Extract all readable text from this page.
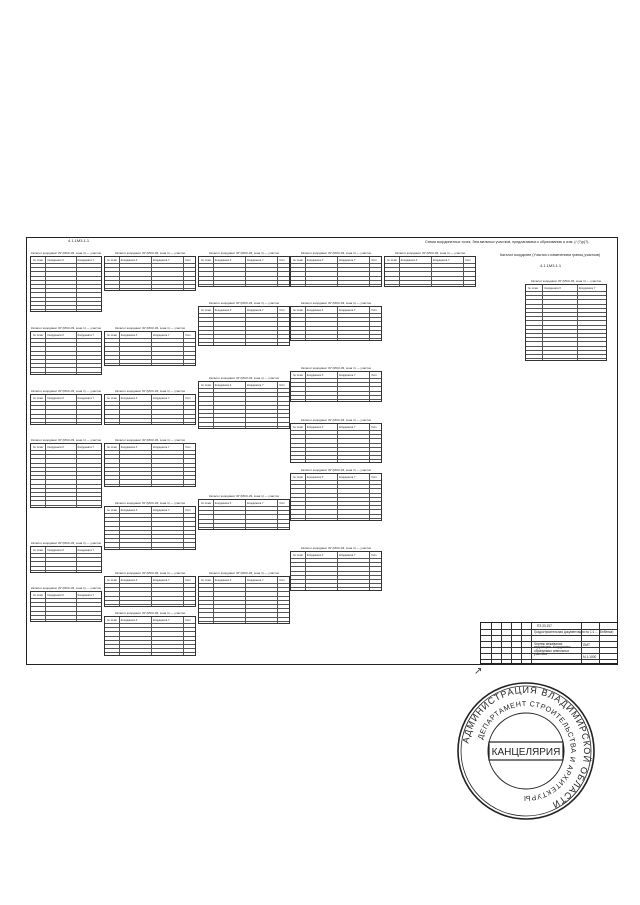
Схема координатных точек. Зем.мельных участков, предлагаемых к образованию и изм. (/ (?)р(?)..
Каталог координат (Участки с изменением границ участков)
4.1.1М3.1.1
4.1.1М3.1.1
Каталог координат ЗУ (МСК-33, зона 1) — участок
№ точки Координата X	Координата Y
Каталог координат ЗУ (МСК-33, зона 1) — участок
№ точки Координата X	Координата Y	Угол
Каталог координат ЗУ (МСК-33, зона 1) — участок
№ точки Координата X	Координата Y	Угол
Каталог координат ЗУ (МСК-33, зона 1) — участок
№ точки Координата X	Координата Y	Угол
Каталог координат ЗУ (МСК-33, зона 1) — участок
№ точки Координата X	Координата Y	Угол
Каталог координат ЗУ (МСК-33, зона 1) — участок
№ точки Координата X	Координата Y
Каталог координат ЗУ (МСК-33, зона 1) — участок
№ точки Координата X	Координата Y	Угол
Каталог координат ЗУ (МСК-33, зона 1) — участок
№ точки Координата X	Координата Y	Угол
Каталог координат ЗУ (МСК-33, зона 1) — участок
№ точки Координата X	Координата Y	Угол
Каталог координат ЗУ (МСК-33, зона 1) — участок
№ точки Координата X	Координата Y
Каталог координат ЗУ (МСК-33, зона 1) — участок
№ точки Координата X	Координата Y	Угол
Каталог координат ЗУ (МСК-33, зона 1) — участок
№ точки Координата X	Координата Y	Угол
Каталог координат ЗУ (МСК-33, зона 1) — участок
№ точки Координата X	Координата Y	Угол
Каталог координат ЗУ (МСК-33, зона 1) — участок
№ точки Координата X	Координата Y
Каталог координат ЗУ (МСК-33, зона 1) — участок
№ точки Координата X	Координата Y	Угол
Каталог координат ЗУ (МСК-33, зона 1) — участок
№ точки Координата X	Координата Y	Угол
Каталог координат ЗУ (МСК-33, зона 1) — участок
№ точки Координата X	Координата Y	Угол
Каталог координат ЗУ (МСК-33, зона 1) — участок
№ точки Координата X	Координата Y
Каталог координат ЗУ (МСК-33, зона 1) — участок
№ точки Координата X	Координата Y	Угол
Каталог координат ЗУ (МСК-33, зона 1) — участок
№ точки Координата X	Координата Y	Угол
Каталог координат ЗУ (МСК-33, зона 1) — участок
№ точки Координата X	Координата Y	Угол
Каталог координат ЗУ (МСК-33, зона 1) — участок
№ точки Координата X	Координата Y
Каталог координат ЗУ (МСК-33, зона 1) — участок
№ точки Координата X	Координата Y	Угол
Каталог координат ЗУ (МСК-33, зона 1) — участок
№ точки Координата X	Координата Y	Угол
Каталог координат ЗУ (МСК-33, зона 1) — участок
№ точки Координата X	Координата Y	Угол
Каталог координат ЗУ (МСК-33, зона 1) — участок
№ точки Координата X	Координата Y
ПЗ.33.157
Градостроительная документация по 1:1 ... (Бебенка)
Чертеж межевания территории. Координаты образуемых земельных участков
ПМТ
М 1:1000
↗
АДМИНИСТРАЦИЯ ВЛАДИМИРСКОЙ ОБЛАСТИ
ДЕПАРТАМЕНТ СТРОИТЕЛЬСТВА И АРХИТЕКТУРЫ
КАНЦЕЛЯРИЯ
